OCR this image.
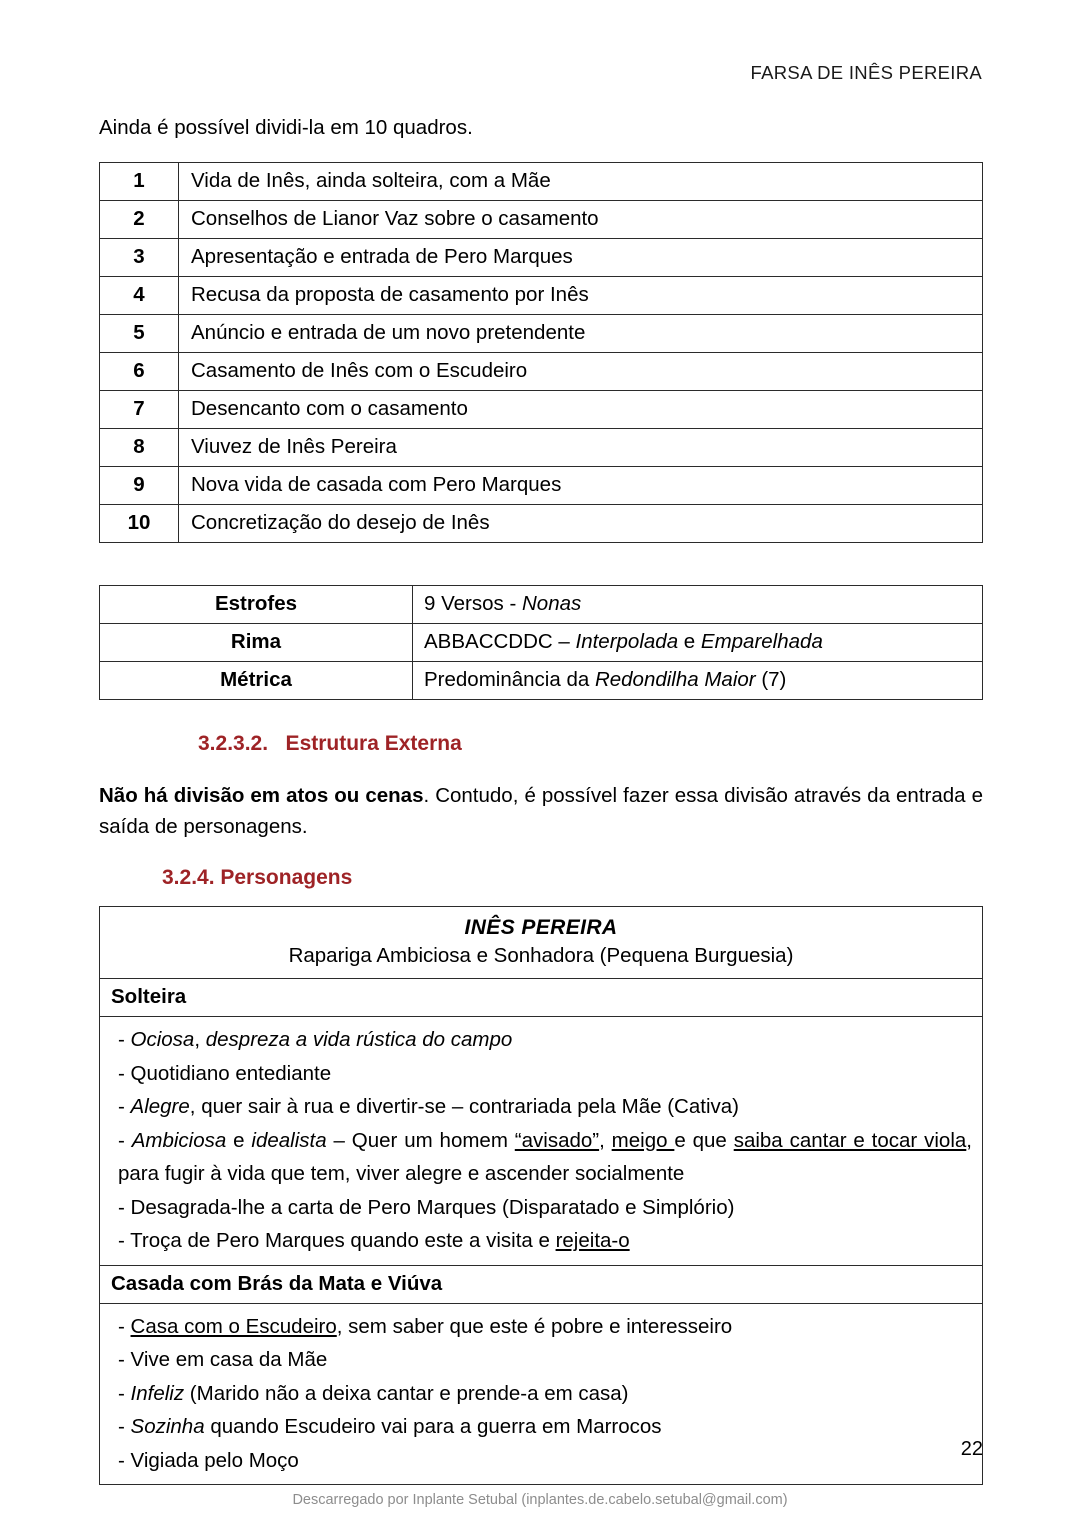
FARSA DE INÊS PEREIRA

Ainda é possível dividi-la em 10 quadros.

1	Vida de Inês, ainda solteira, com a Mãe
2	Conselhos de Lianor Vaz sobre o casamento
3	Apresentação e entrada de Pero Marques
4	Recusa da proposta de casamento por Inês
5	Anúncio e entrada de um novo pretendente
6	Casamento de Inês com o Escudeiro
7	Desencanto com o casamento
8	Viuvez de Inês Pereira
9	Nova vida de casada com Pero Marques
10	Concretização do desejo de Inês
Estrofes	9 Versos - Nonas
Rima	ABBACCDDC – Interpolada e Emparelhada
Métrica	Predominância da Redondilha Maior (7)
3.2.3.2.   Estrutura Externa

Não há divisão em atos ou cenas. Contudo, é possível fazer essa divisão através da entrada e saída de personagens.

3.2.4. Personagens
INÊS PEREIRA
Rapariga Ambiciosa e Sonhadora (Pequena Burguesia)

Solteira

- Ociosa, despreza a vida rústica do campo
- Quotidiano entediante
- Alegre, quer sair à rua e divertir-se – contrariada pela Mãe (Cativa)
- Ambiciosa e idealista – Quer um homem “avisado”, meigo e que saiba cantar e tocar viola, para fugir à vida que tem, viver alegre e ascender socialmente
- Desagrada-lhe a carta de Pero Marques (Disparatado e Simplório)
- Troça de Pero Marques quando este a visita e rejeita-o

Casada com Brás da Mata e Viúva

- Casa com o Escudeiro, sem saber que este é pobre e interesseiro
- Vive em casa da Mãe
- Infeliz (Marido não a deixa cantar e prende-a em casa)
- Sozinha quando Escudeiro vai para a guerra em Marrocos
- Vigiada pelo Moço	22
Descarregado por Inplante Setubal (inplantes.de.cabelo.setubal@gmail.com)
